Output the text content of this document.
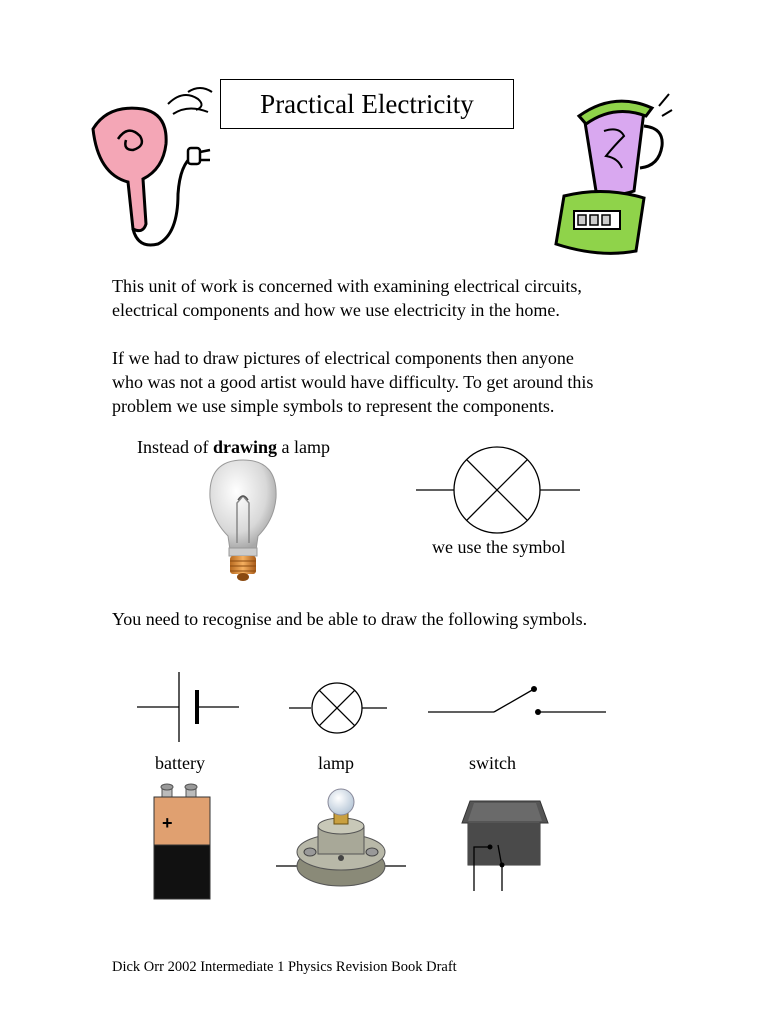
Practical Electricity
This unit of work is concerned with examining electrical circuits,
electrical components and how we use electricity in the home.
If we had to draw pictures of electrical components then anyone
who was not a good artist would have difficulty. To get around this
problem we use simple symbols to represent the components.
Instead of drawing a lamp
we use the symbol
You need to recognise and be able to draw the following symbols.
battery	lamp	switch
+
Dick Orr 2002 Intermediate 1 Physics Revision Book Draft
